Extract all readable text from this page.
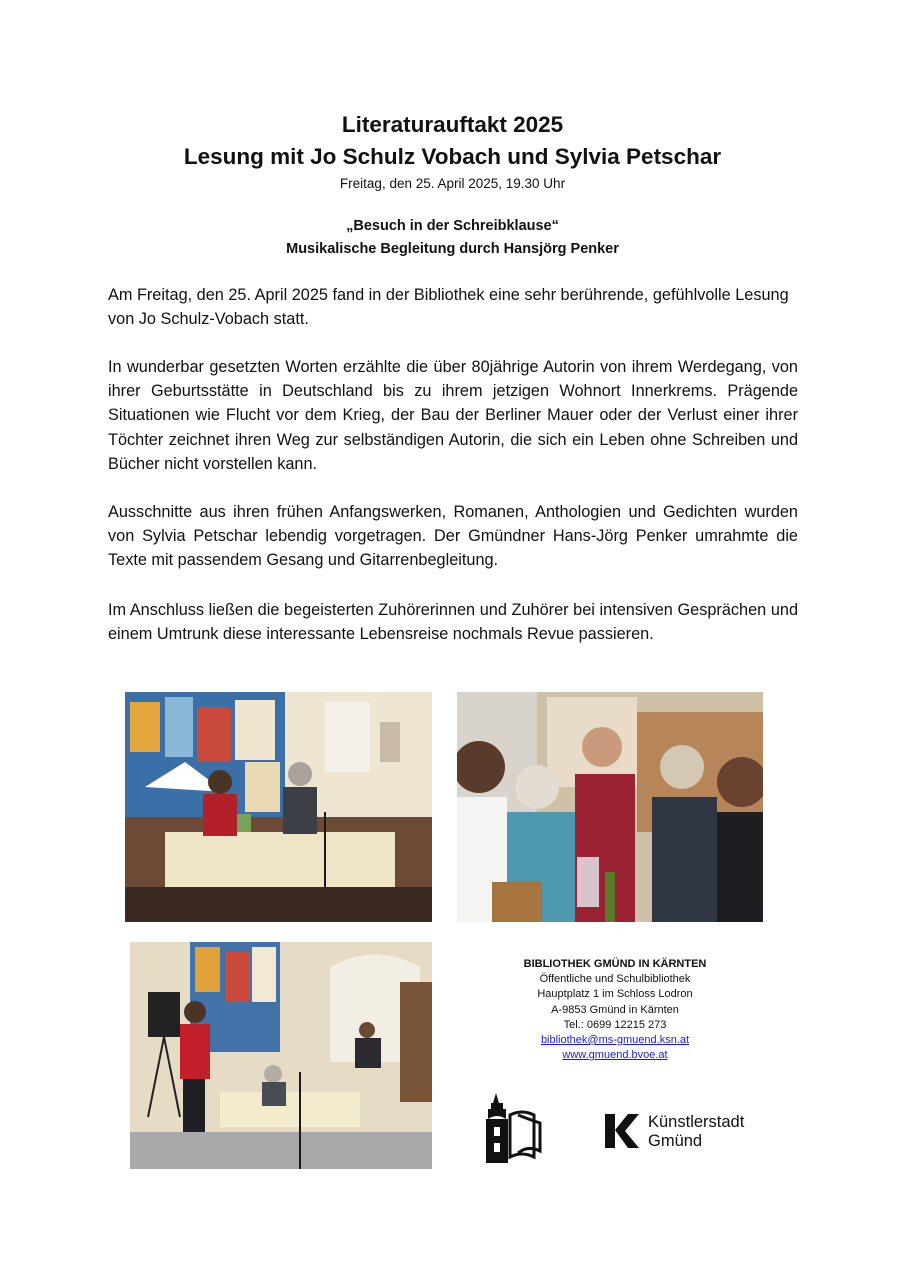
Literaturauftakt 2025
Lesung mit Jo Schulz Vobach und Sylvia Petschar

Freitag, den 25. April 2025, 19.30 Uhr

„Besuch in der Schreibklause“

Musikalische Begleitung durch Hansjörg Penker

Am Freitag, den 25. April 2025 fand in der Bibliothek eine sehr berührende, gefühlvolle Lesung von Jo Schulz-Vobach statt.

In wunderbar gesetzten Worten erzählte die über 80jährige Autorin von ihrem Werdegang, von ihrer Geburtsstätte in Deutschland bis zu ihrem jetzigen Wohnort Innerkrems. Prägende Situationen wie Flucht vor dem Krieg, der Bau der Berliner Mauer oder der Verlust einer ihrer Töchter zeichnet ihren Weg zur selbständigen Autorin, die sich ein Leben ohne Schreiben und Bücher nicht vorstellen kann.

Ausschnitte aus ihren frühen Anfangswerken, Romanen, Anthologien und Gedichten wurden von Sylvia Petschar lebendig vorgetragen. Der Gmündner Hans-Jörg Penker umrahmte die Texte mit passendem Gesang und Gitarrenbegleitung.

Im Anschluss ließen die begeisterten Zuhörerinnen und Zuhörer bei intensiven Gesprächen und einem Umtrunk diese interessante Lebensreise nochmals Revue passieren.

BIBLIOTHEK GMÜND IN KÄRNTEN
Öffentliche und Schulbibliothek
Hauptplatz 1 im Schloss Lodron
A-9853 Gmünd in Kärnten
Tel.: 0699 12215 273
bibliothek@ms-gmuend.ksn.at
www.gmuend.bvoe.at
Künstlerstadt
Gmünd
